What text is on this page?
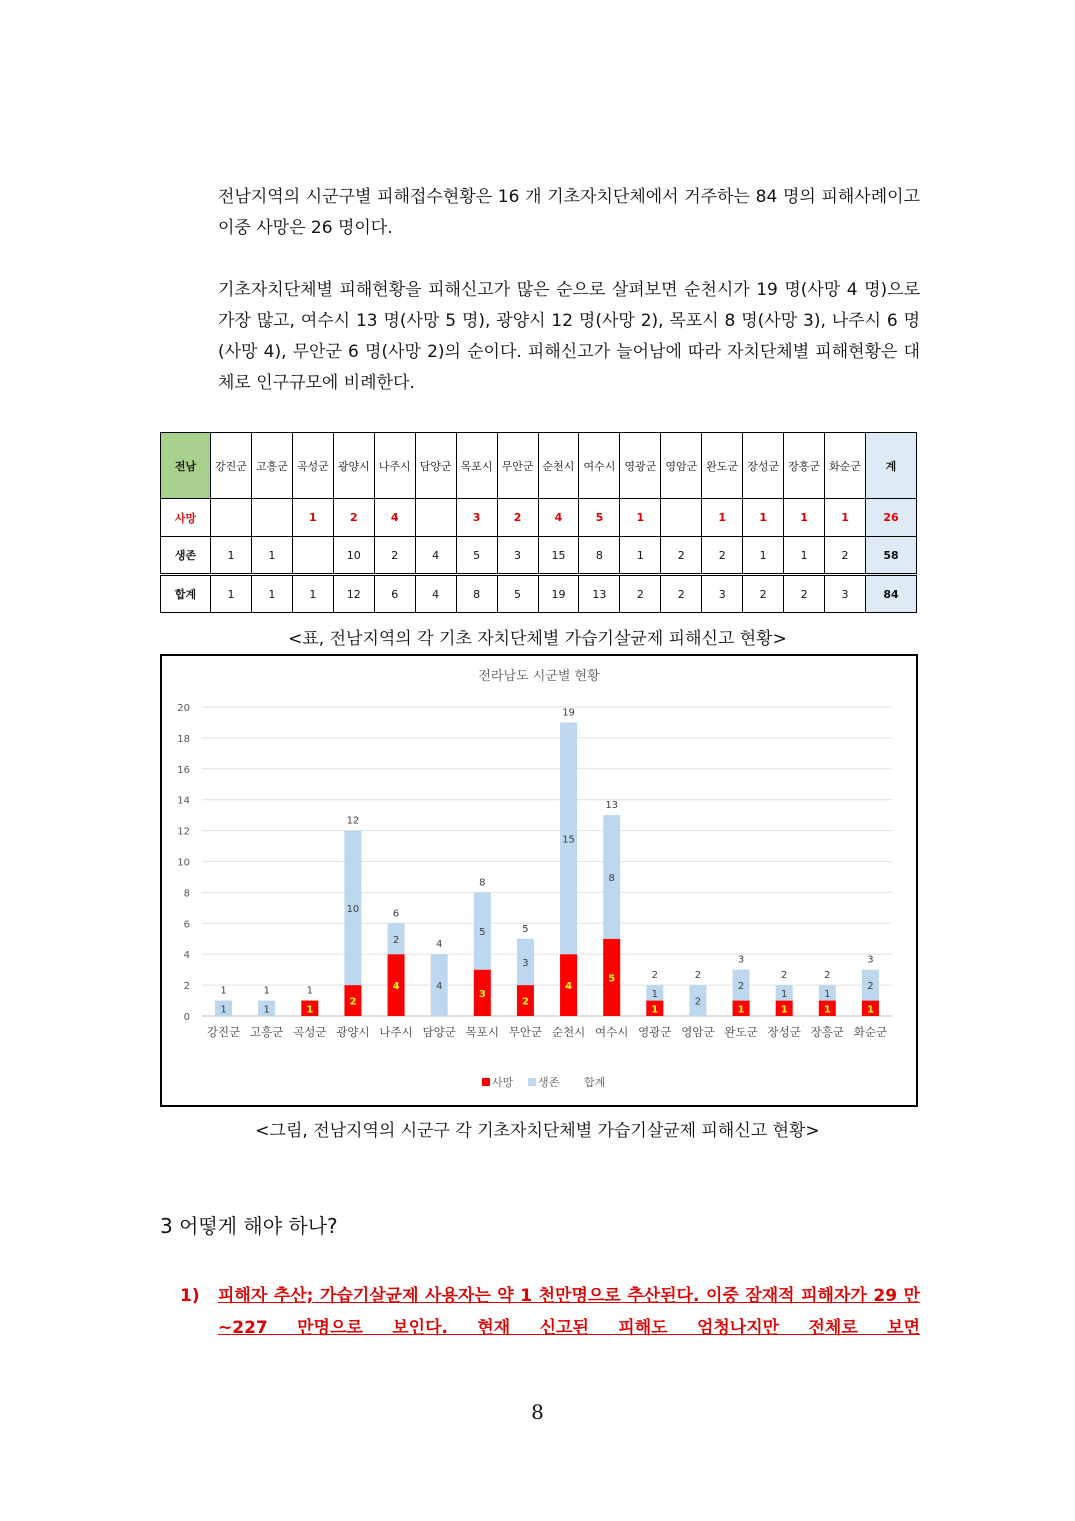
전남지역의 시군구별 피해접수현황은 16 개 기초자치단체에서 거주하는 84 명의 피해사례이고 이중 사망은 26 명이다.

기초자치단체별 피해현황을 피해신고가 많은 순으로 살펴보면 순천시가 19 명(사망 4 명)으로 가장 많고, 여수시 13 명(사망 5 명), 광양시 12 명(사망 2), 목포시 8 명(사망 3), 나주시 6 명(사망 4), 무안군 6 명(사망 2)의 순이다. 피해신고가 늘어남에 따라 자치단체별 피해현황은 대체로 인구규모에 비례한다.

전남	강진군	고흥군	곡성군	광양시	나주시	담양군	목포시	무안군	순천시	여수시	영광군	영암군	완도군	장성군	장흥군	화순군	계
사망			1	2	4		3	2	4	5	1		1	1	1	1	26
생존	1	1		10	2	4	5	3	15	8	1	2	2	1	1	2	58
합계	1	1	1	12	6	4	8	5	19	13	2	2	3	2	2	3	84
<표, 전남지역의 각 기초 자치단체별 가습기살균제 피해신고 현황>
전라남도 시군별 현황
0
2
4
6
8
10
12
14
16
18
20
1
1
강진군
1
1
고흥군
1
1
곡성군
2
10
12
광양시
4
2
6
나주시
4
4
담양군
3
5
8
목포시
2
3
5
무안군
4
15
19
순천시
5
8
13
여수시
1
1
2
영광군
2
2
영암군
1
2
3
완도군
1
1
2
장성군
1
1
2
장흥군
1
2
3
화순군
사망 생존 합계
<그림, 전남지역의 시군구 각 기초자치단체별 가습기살균제 피해신고 현황>
3 어떻게 해야 하나?

1) 피해자 추산; 가습기살균제 사용자는 약 1 천만명으로 추산된다. 이중 잠재적 피해자가 29 만~227 만명으로 보인다. 현재 신고된 피해도 엄청나지만 전체로 보면

8
